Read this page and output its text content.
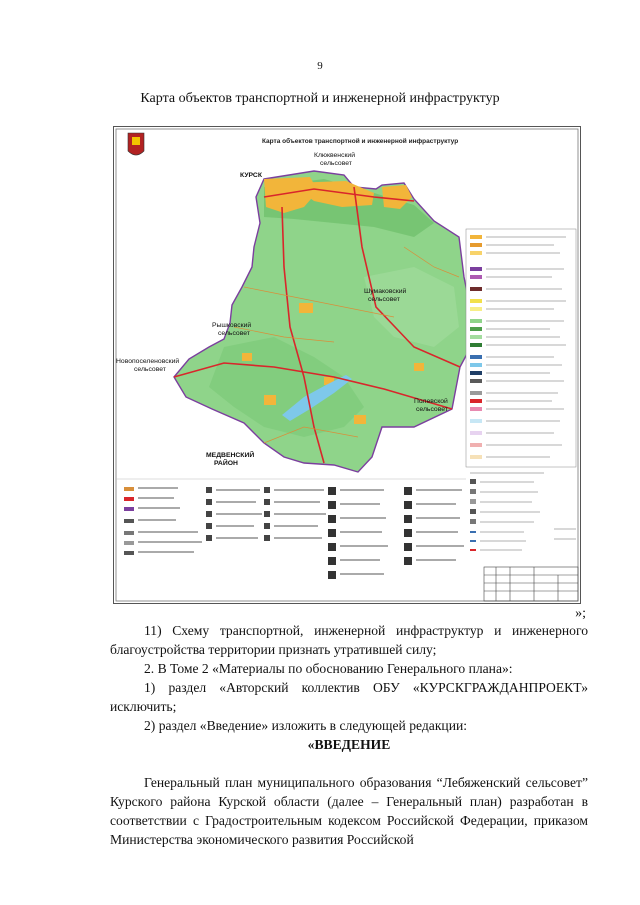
9
Карта объектов транспортной и инженерной инфраструктур
Карта объектов транспортной и инженерной инфраструктур
КУРСК
Клюквенский сельсовет
Шумаковский сельсовет
Рышковский сельсовет
Новопоселеновский сельсовет
Полевской сельсовет
МЕДВЕНСКИЙ РАЙОН
»;

11) Схему транспортной, инженерной инфраструктур и инженерного благоустройства территории признать утратившей силу;

2. В Томе 2 «Материалы по обоснованию Генерального плана»:

1) раздел «Авторский коллектив ОБУ «КУРСКГРАЖДАНПРОЕКТ» исключить;

2) раздел «Введение» изложить в следующей редакции:

«ВВЕДЕНИЕ

Генеральный план муниципального образования “Лебяженский сельсовет” Курского района Курской области (далее – Генеральный план) разработан в соответствии с Градостроительным кодексом Российской Федерации, приказом Министерства экономического развития Российской
